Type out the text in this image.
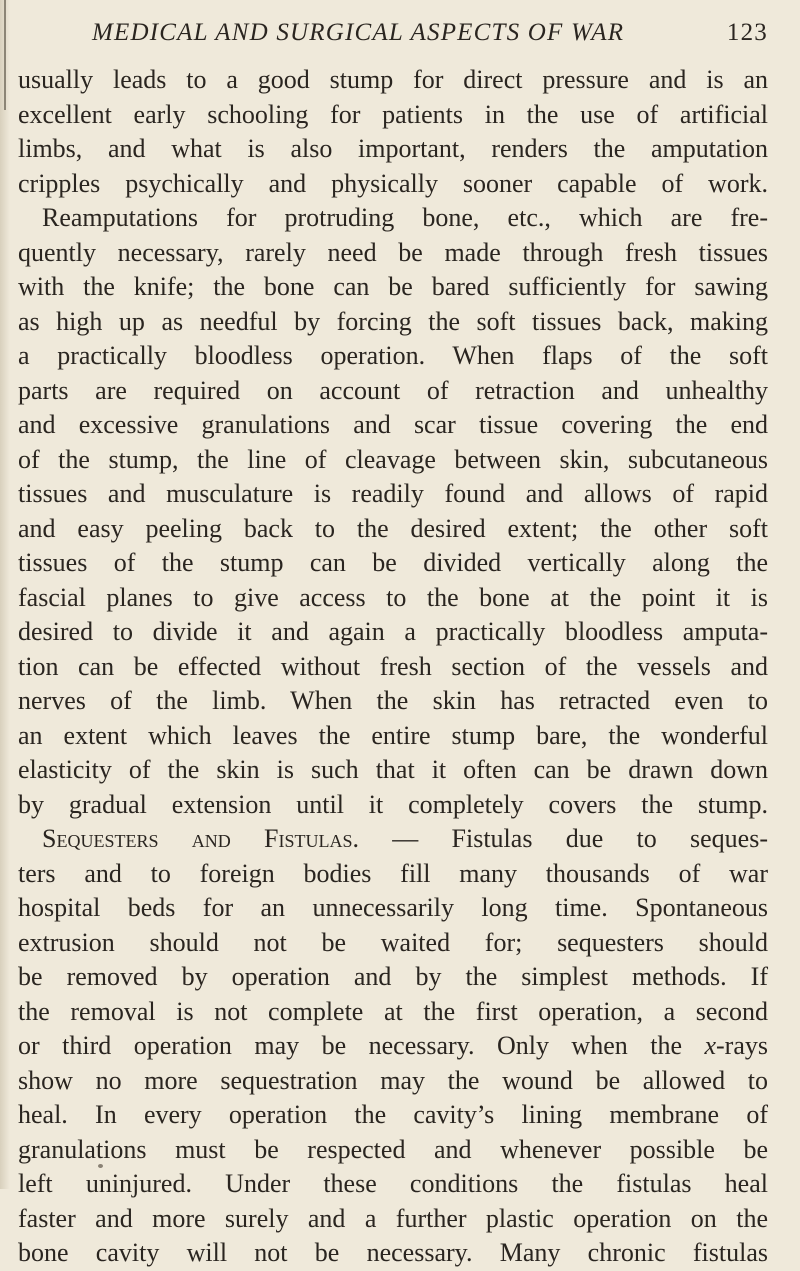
MEDICAL AND SURGICAL ASPECTS OF WAR	123
usually leads to a good stump for direct pressure and is an
excellent early schooling for patients in the use of artificial
limbs, and what is also important, renders the amputation
cripples psychically and physically sooner capable of work.
Reamputations for protruding bone, etc., which are fre-
quently necessary, rarely need be made through fresh tissues
with the knife; the bone can be bared sufficiently for sawing
as high up as needful by forcing the soft tissues back, making
a practically bloodless operation. When flaps of the soft
parts are required on account of retraction and unhealthy
and excessive granulations and scar tissue covering the end
of the stump, the line of cleavage between skin, subcutaneous
tissues and musculature is readily found and allows of rapid
and easy peeling back to the desired extent; the other soft
tissues of the stump can be divided vertically along the
fascial planes to give access to the bone at the point it is
desired to divide it and again a practically bloodless amputa-
tion can be effected without fresh section of the vessels and
nerves of the limb. When the skin has retracted even to
an extent which leaves the entire stump bare, the wonderful
elasticity of the skin is such that it often can be drawn down
by gradual extension until it completely covers the stump.
Sequesters and Fistulas. — Fistulas due to seques-
ters and to foreign bodies fill many thousands of war
hospital beds for an unnecessarily long time. Spontaneous
extrusion should not be waited for; sequesters should
be removed by operation and by the simplest methods. If
the removal is not complete at the first operation, a second
or third operation may be necessary. Only when the x-rays
show no more sequestration may the wound be allowed to
heal. In every operation the cavity’s lining membrane of
granulations must be respected and whenever possible be
left uninjured. Under these conditions the fistulas heal
faster and more surely and a further plastic operation on the
bone cavity will not be necessary. Many chronic fistulas
